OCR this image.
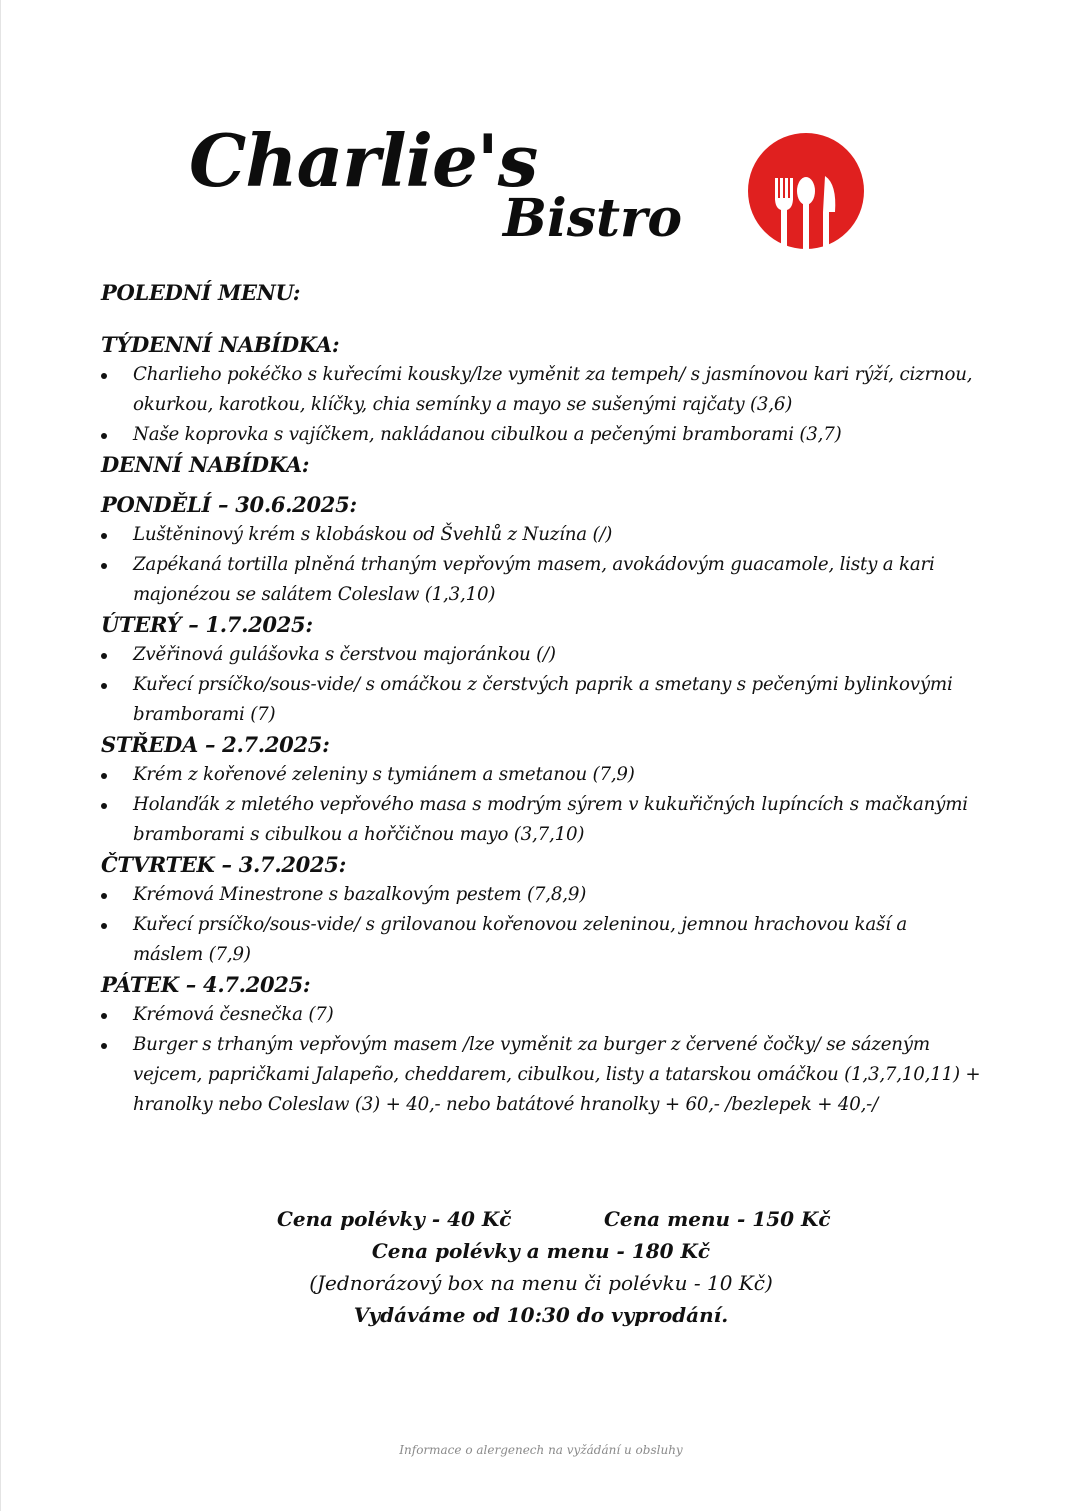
Charlie's
Bistro

POLEDNÍ MENU:

TÝDENNÍ NABÍDKA:

Charlieho pokéčko s kuřecími kousky/lze vyměnit za tempeh/ s jasmínovou kari rýží, cizrnou, okurkou, karotkou, klíčky, chia semínky a mayo se sušenými rajčaty (3,6)
Naše koprovka s vajíčkem, nakládanou cibulkou a pečenými bramborami (3,7)

DENNÍ NABÍDKA:

PONDĚLÍ – 30.6.2025:

Luštěninový krém s klobáskou od Švehlů z Nuzína (/)
Zapékaná tortilla plněná trhaným vepřovým masem, avokádovým guacamole, listy a kari majonézou se salátem Coleslaw (1,3,10)

ÚTERÝ – 1.7.2025:

Zvěřinová gulášovka s čerstvou majoránkou (/)
Kuřecí prsíčko/sous-vide/ s omáčkou z čerstvých paprik a smetany s pečenými bylinkovými bramborami (7)

STŘEDA – 2.7.2025:

Krém z kořenové zeleniny s tymiánem a smetanou (7,9)
Holanďák z mletého vepřového masa s modrým sýrem v kukuřičných lupíncích s mačkanými bramborami s cibulkou a hořčičnou mayo (3,7,10)

ČTVRTEK – 3.7.2025:

Krémová Minestrone s bazalkovým pestem (7,8,9)
Kuřecí prsíčko/sous-vide/ s grilovanou kořenovou zeleninou, jemnou hrachovou kaší a máslem (7,9)

PÁTEK – 4.7.2025:

Krémová česnečka (7)
Burger s trhaným vepřovým masem /lze vyměnit za burger z červené čočky/ se sázeným vejcem, papričkami Jalapeño, cheddarem, cibulkou, listy a tatarskou omáčkou (1,3,7,10,11) + hranolky nebo Coleslaw (3) + 40,- nebo batátové hranolky + 60,- /bezlepek + 40,-/
Cena polévky - 40 Kč	Cena menu - 150 Kč
Cena polévky a menu - 180 Kč
(Jednorázový box na menu či polévku - 10 Kč)
Vydáváme od 10:30 do vyprodání.
Informace o alergenech na vyžádání u obsluhy
